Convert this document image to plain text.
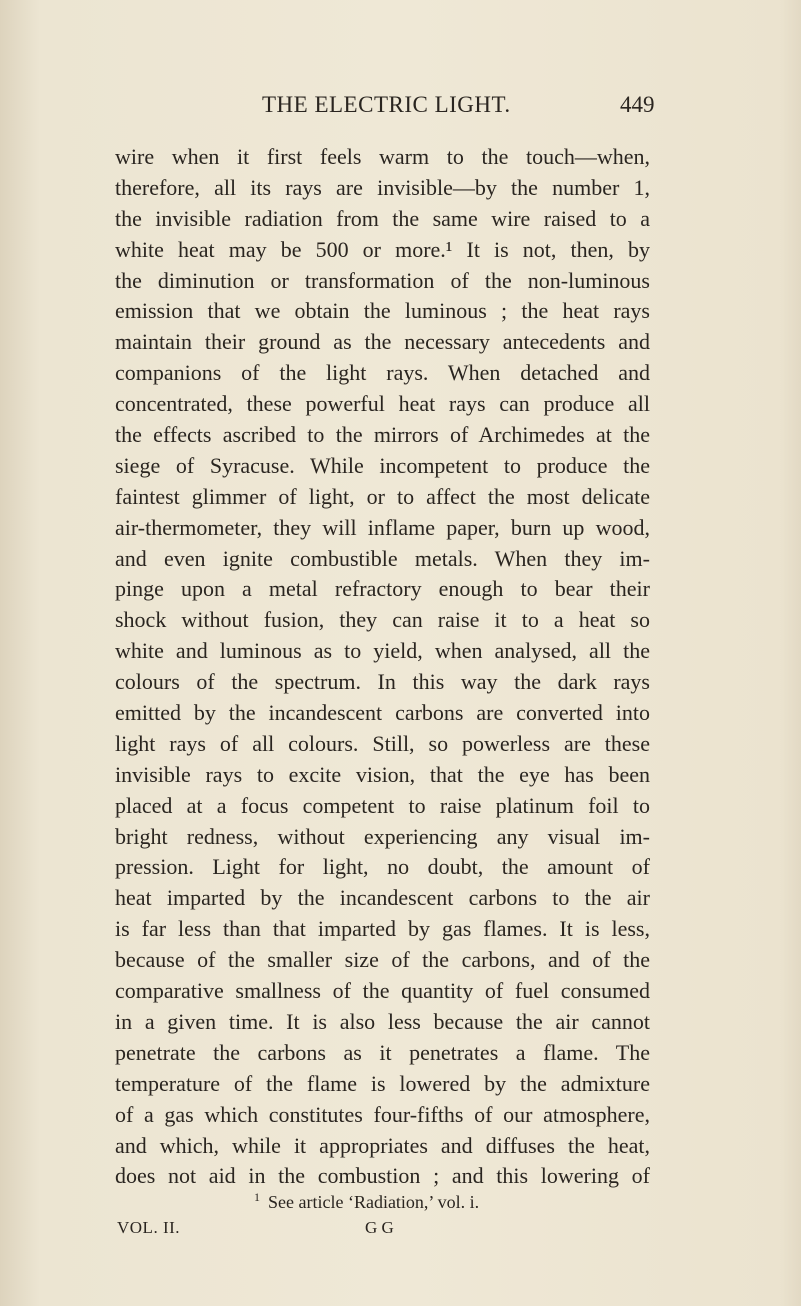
THE ELECTRIC LIGHT.	449
wire when it first feels warm to the touch—when,
therefore, all its rays are invisible—by the number 1,
the invisible radiation from the same wire raised to a
white heat may be 500 or more.¹ It is not, then, by
the diminution or transformation of the non-luminous
emission that we obtain the luminous ; the heat rays
maintain their ground as the necessary antecedents and
companions of the light rays. When detached and
concentrated, these powerful heat rays can produce all
the effects ascribed to the mirrors of Archimedes at the
siege of Syracuse. While incompetent to produce the
faintest glimmer of light, or to affect the most delicate
air-thermometer, they will inflame paper, burn up wood,
and even ignite combustible metals. When they im-
pinge upon a metal refractory enough to bear their
shock without fusion, they can raise it to a heat so
white and luminous as to yield, when analysed, all the
colours of the spectrum. In this way the dark rays
emitted by the incandescent carbons are converted into
light rays of all colours. Still, so powerless are these
invisible rays to excite vision, that the eye has been
placed at a focus competent to raise platinum foil to
bright redness, without experiencing any visual im-
pression. Light for light, no doubt, the amount of
heat imparted by the incandescent carbons to the air
is far less than that imparted by gas flames. It is less,
because of the smaller size of the carbons, and of the
comparative smallness of the quantity of fuel consumed
in a given time. It is also less because the air cannot
penetrate the carbons as it penetrates a flame. The
temperature of the flame is lowered by the admixture
of a gas which constitutes four-fifths of our atmosphere,
and which, while it appropriates and diffuses the heat,
does not aid in the combustion ; and this lowering of
1 See article ‘Radiation,’ vol. i.
VOL. II.	G G
